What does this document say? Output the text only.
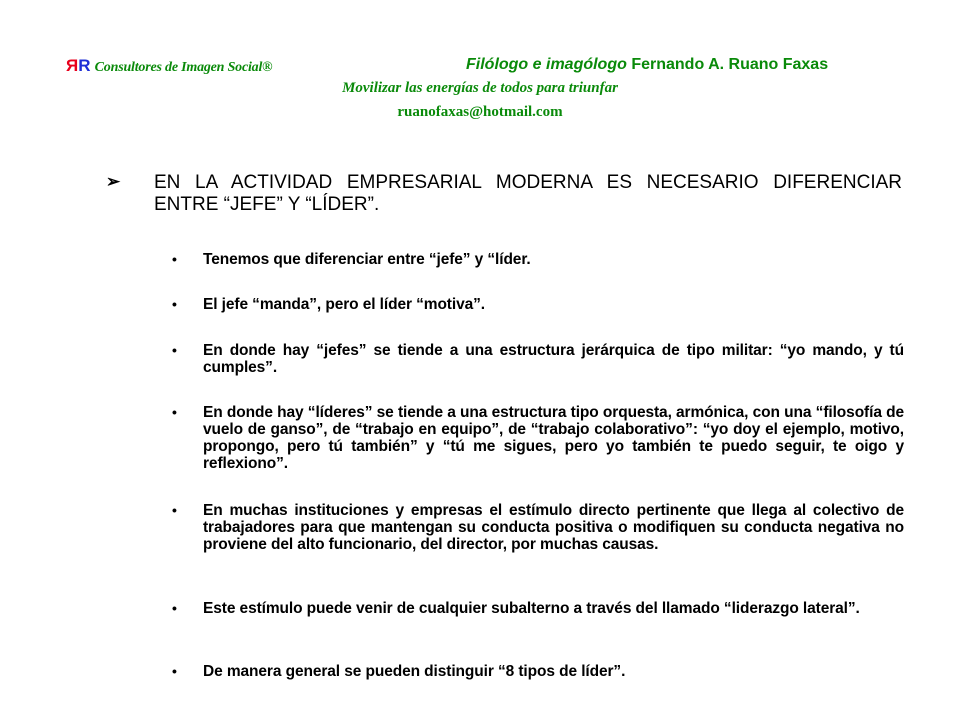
ЯR Consultores de Imagen Social®	Filólogo e imagólogo Fernando A. Ruano Faxas
Movilizar las energías de todos para triunfar
ruanofaxas@hotmail.com
➢ EN LA ACTIVIDAD EMPRESARIAL MODERNA ES NECESARIO DIFERENCIAR ENTRE “JEFE” Y “LÍDER”.
• Tenemos que diferenciar entre “jefe” y “líder.
• El jefe “manda”, pero el líder “motiva”.
• En donde hay “jefes” se tiende a una estructura jerárquica de tipo militar: “yo mando, y tú cumples”.
• En donde hay “líderes” se tiende a una estructura tipo orquesta, armónica, con una “filosofía de vuelo de ganso”, de “trabajo en equipo”, de “trabajo colaborativo”: “yo doy el ejemplo, motivo, propongo, pero tú también” y “tú me sigues, pero yo también te puedo seguir, te oigo y reflexiono”.
• En muchas instituciones y empresas el estímulo directo pertinente que llega al colectivo de trabajadores para que mantengan su conducta positiva o modifiquen su conducta negativa no proviene del alto funcionario, del director, por muchas causas.
• Este estímulo puede venir de cualquier subalterno a través del llamado “liderazgo lateral”.
• De manera general se pueden distinguir “8 tipos de líder”.
